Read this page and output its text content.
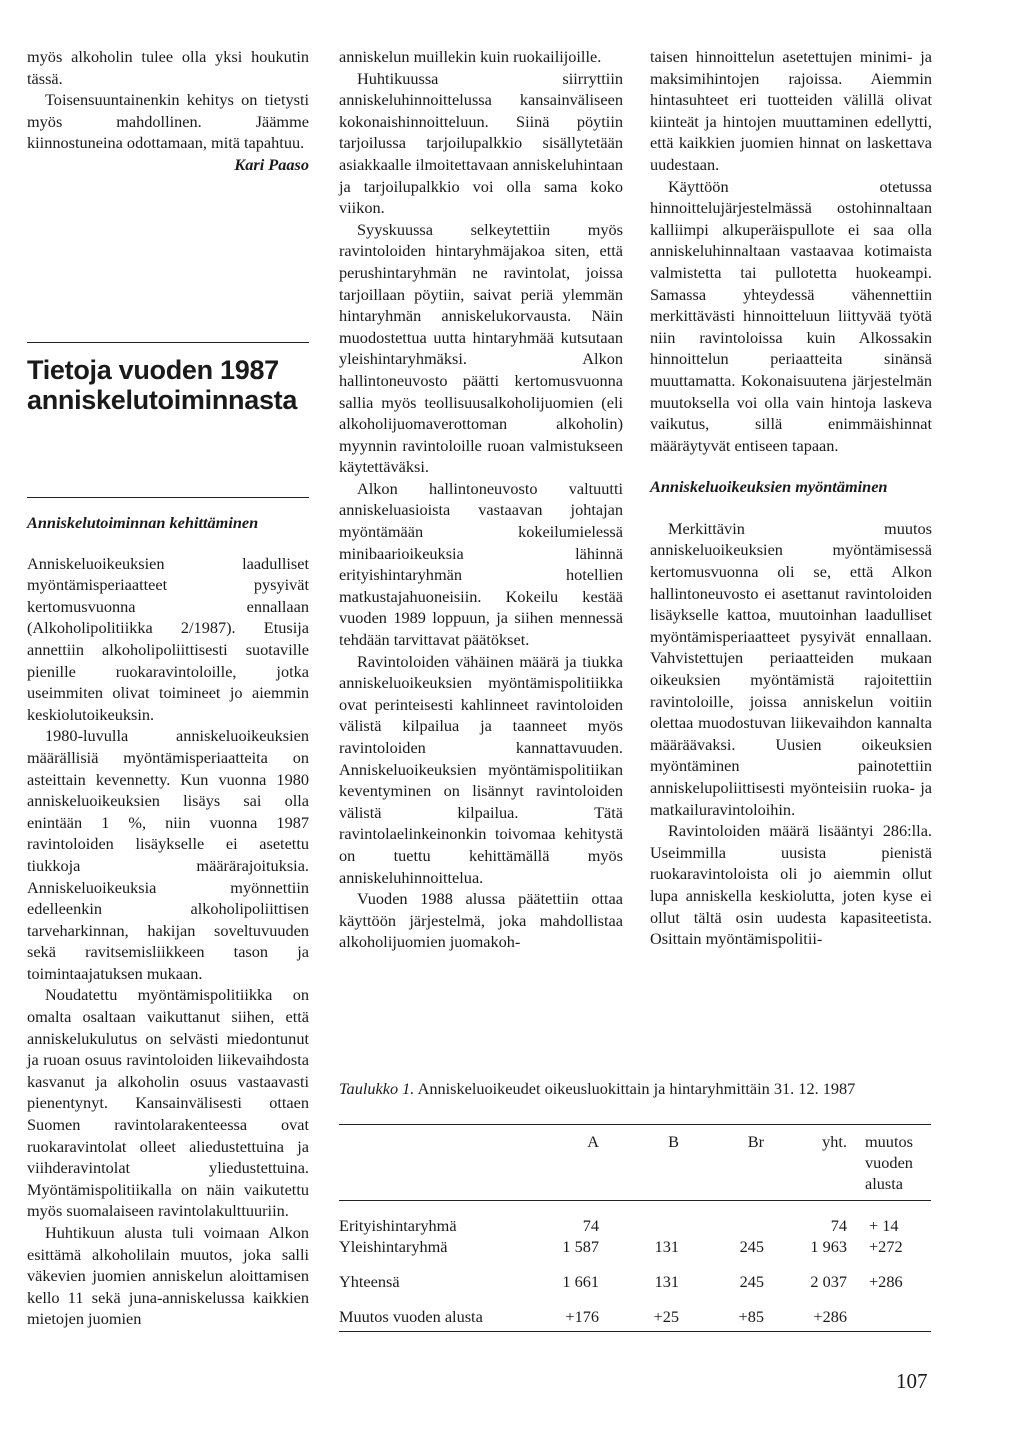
myös alkoholin tulee olla yksi houkutin tässä.

Toisensuuntainenkin kehitys on tietysti myös mahdollinen. Jäämme kiinnostuneina odottamaan, mitä tapahtuu.

Kari Paaso

Tietoja vuoden 1987 anniskelutoiminnasta

Anniskelutoiminnan kehittäminen

Anniskeluoikeuksien laadulliset myöntämisperiaatteet pysyivät kertomusvuonna ennallaan (Alkoholipolitiikka 2/1987). Etusija annettiin alkoholipoliittisesti suotaville pienille ruokaravintoloille, jotka useimmiten olivat toimineet jo aiemmin keskiolutoikeuksin.

1980-luvulla anniskeluoikeuksien määrällisiä myöntämisperiaatteita on asteittain kevennetty. Kun vuonna 1980 anniskeluoikeuksien lisäys sai olla enintään 1 %, niin vuonna 1987 ravintoloiden lisäykselle ei asetettu tiukkoja määrärajoituksia. Anniskeluoikeuksia myönnettiin edelleenkin alkoholipoliittisen tarveharkinnan, hakijan soveltuvuuden sekä ravitsemisliikkeen tason ja toimintaajatuksen mukaan.

Noudatettu myöntämispolitiikka on omalta osaltaan vaikuttanut siihen, että anniskelukulutus on selvästi miedontunut ja ruoan osuus ravintoloiden liikevaihdosta kasvanut ja alkoholin osuus vastaavasti pienentynyt. Kansainvälisesti ottaen Suomen ravintolarakenteessa ovat ruokaravintolat olleet aliedustettuina ja viihderavintolat yliedustettuina. Myöntämispolitiikalla on näin vaikutettu myös suomalaiseen ravintolakulttuuriin.

Huhtikuun alusta tuli voimaan Alkon esittämä alkoholilain muutos, joka salli väkevien juomien anniskelun aloittamisen kello 11 sekä juna-anniskelussa kaikkien mietojen juomien

anniskelun muillekin kuin ruokailijoille.

Huhtikuussa siirryttiin anniskeluhinnoittelussa kansainväliseen kokonaishinnoitteluun. Siinä pöytiin tarjoilussa tarjoilupalkkio sisällytetään asiakkaalle ilmoitettavaan anniskeluhintaan ja tarjoilupalkkio voi olla sama koko viikon.

Syyskuussa selkeytettiin myös ravintoloiden hintaryhmäjakoa siten, että perushintaryhmän ne ravintolat, joissa tarjoillaan pöytiin, saivat periä ylemmän hintaryhmän anniskelukorvausta. Näin muodostettua uutta hintaryhmää kutsutaan yleishintaryhmäksi. Alkon hallintoneuvosto päätti kertomusvuonna sallia myös teollisuusalkoholijuomien (eli alkoholijuomaverottoman alkoholin) myynnin ravintoloille ruoan valmistukseen käytettäväksi.

Alkon hallintoneuvosto valtuutti anniskeluasioista vastaavan johtajan myöntämään kokeilumielessä minibaarioikeuksia lähinnä erityishintaryhmän hotellien matkustajahuoneisiin. Kokeilu kestää vuoden 1989 loppuun, ja siihen mennessä tehdään tarvittavat päätökset.

Ravintoloiden vähäinen määrä ja tiukka anniskeluoikeuksien myöntämispolitiikka ovat perinteisesti kahlinneet ravintoloiden välistä kilpailua ja taanneet myös ravintoloiden kannattavuuden. Anniskeluoikeuksien myöntämispolitiikan keventyminen on lisännyt ravintoloiden välistä kilpailua. Tätä ravintolaelinkeinonkin toivomaa kehitystä on tuettu kehittämällä myös anniskeluhinnoittelua.

Vuoden 1988 alussa päätettiin ottaa käyttöön järjestelmä, joka mahdollistaa alkoholijuomien juomakoh-

taisen hinnoittelun asetettujen minimi- ja maksimihintojen rajoissa. Aiemmin hintasuhteet eri tuotteiden välillä olivat kiinteät ja hintojen muuttaminen edellytti, että kaikkien juomien hinnat on laskettava uudestaan.

Käyttöön otetussa hinnoittelujärjestelmässä ostohinnaltaan kalliimpi alkuperäispullote ei saa olla anniskeluhinnaltaan vastaavaa kotimaista valmistetta tai pullotetta huokeampi. Samassa yhteydessä vähennettiin merkittävästi hinnoitteluun liittyvää työtä niin ravintoloissa kuin Alkossakin hinnoittelun periaatteita sinänsä muuttamatta. Kokonaisuutena järjestelmän muutoksella voi olla vain hintoja laskeva vaikutus, sillä enimmäishinnat määräytyvät entiseen tapaan.

Anniskeluoikeuksien myöntäminen

Merkittävin muutos anniskeluoikeuksien myöntämisessä kertomusvuonna oli se, että Alkon hallintoneuvosto ei asettanut ravintoloiden lisäykselle kattoa, muutoinhan laadulliset myöntämisperiaatteet pysyivät ennallaan. Vahvistettujen periaatteiden mukaan oikeuksien myöntämistä rajoitettiin ravintoloille, joissa anniskelun voitiin olettaa muodostuvan liikevaihdon kannalta määräävaksi. Uusien oikeuksien myöntäminen painotettiin anniskelupoliittisesti myönteisiin ruoka- ja matkailuravintoloihin.

Ravintoloiden määrä lisääntyi 286:lla. Useimmilla uusista pienistä ruokaravintoloista oli jo aiemmin ollut lupa anniskella keskiolutta, joten kyse ei ollut tältä osin uudesta kapasiteetista. Osittain myöntämispolitii-

Taulukko 1. Anniskeluoikeudet oikeusluokittain ja hintaryhmittäin 31. 12. 1987
	A	B	Br	yht.	muutos vuoden alusta

Erityishintaryhmä	74			74	+ 14
Yleishintaryhmä	1 587	131	245	1 963	+272

Yhteensä	1 661	131	245	2 037	+286

Muutos vuoden alusta	+176	+25	+85	+286	
107
